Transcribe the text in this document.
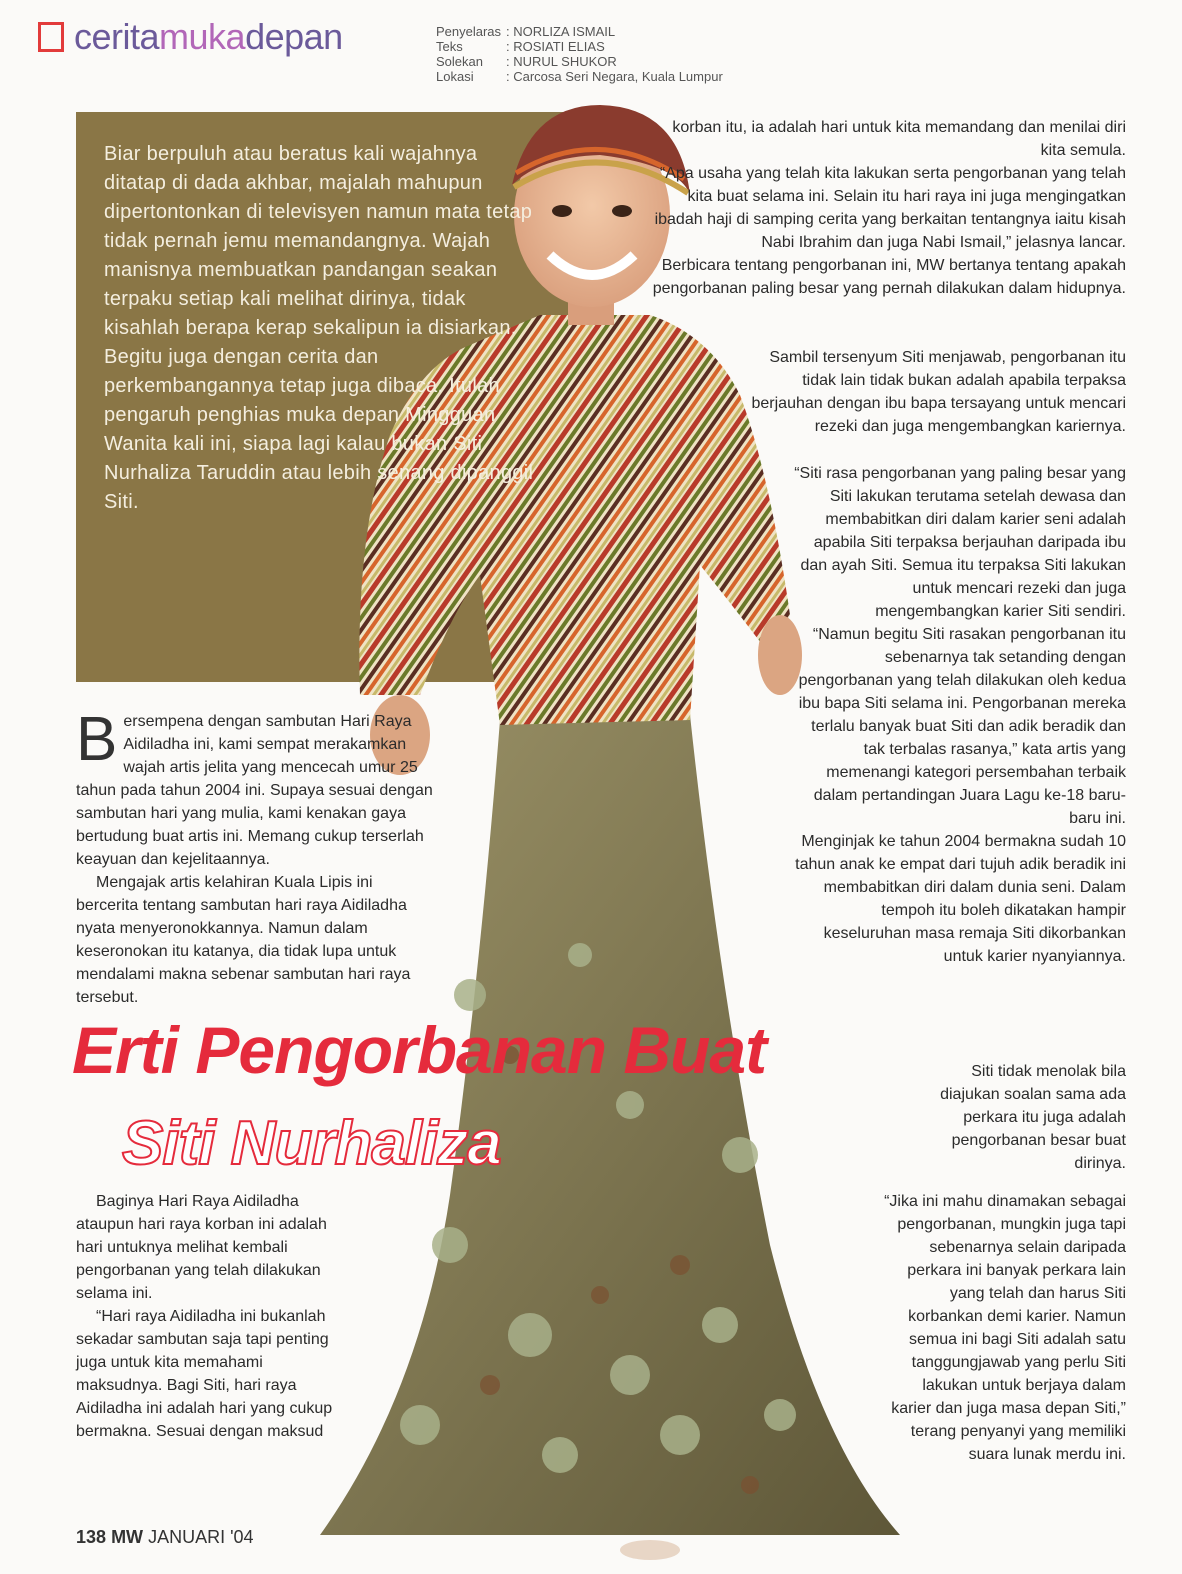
ceritamukadepan	Penyelaras : NORLIZA ISMAIL
Teks	: ROSIATI ELIAS
Solekan	: NURUL SHUKOR
Lokasi	: Carcosa Seri Negara, Kuala Lumpur
Biar berpuluh atau beratus kali wajahnya ditatap di dada akhbar, majalah mahupun dipertontonkan di televisyen namun mata tetap tidak pernah jemu memandangnya. Wajah manisnya membuatkan pandangan seakan terpaku setiap kali melihat dirinya, tidak kisahlah berapa kerap sekalipun ia disiarkan. Begitu juga dengan cerita dan perkembangannya tetap juga dibaca. Itulah pengaruh penghias muka depan Mingguan Wanita kali ini, siapa lagi kalau bukan Siti Nurhaliza Taruddin atau lebih senang dipanggil Siti.

Bersempena dengan sambutan Hari Raya Aidiladha ini, kami sempat merakamkan wajah artis jelita yang mencecah umur 25 tahun pada tahun 2004 ini. Supaya sesuai dengan sambutan hari yang mulia, kami kenakan gaya bertudung buat artis ini. Memang cukup terserlah keayuan dan kejelitaannya.

Mengajak artis kelahiran Kuala Lipis ini bercerita tentang sambutan hari raya Aidiladha nyata menyeronokkannya. Namun dalam keseronokan itu katanya, dia tidak lupa untuk mendalami makna sebenar sambutan hari raya tersebut.

Erti Pengorbanan Buat
Siti Nurhaliza

Baginya Hari Raya Aidiladha ataupun hari raya korban ini adalah hari untuknya melihat kembali pengorbanan yang telah dilakukan selama ini.

“Hari raya Aidiladha ini bukanlah sekadar sambutan saja tapi penting juga untuk kita memahami maksudnya. Bagi Siti, hari raya Aidiladha ini adalah hari yang cukup bermakna. Sesuai dengan maksud

korban itu, ia adalah hari untuk kita memandang dan menilai diri kita semula.

“Apa usaha yang telah kita lakukan serta pengorbanan yang telah kita buat selama ini. Selain itu hari raya ini juga mengingatkan ibadah haji di samping cerita yang berkaitan tentangnya iaitu kisah Nabi Ibrahim dan juga Nabi Ismail,” jelasnya lancar.

Berbicara tentang pengorbanan ini, MW bertanya tentang apakah pengorbanan paling besar yang pernah dilakukan dalam hidupnya.

Sambil tersenyum Siti menjawab, pengorbanan itu tidak lain tidak bukan adalah apabila terpaksa berjauhan dengan ibu bapa tersayang untuk mencari rezeki dan juga mengembangkan kariernya.

“Siti rasa pengorbanan yang paling besar yang Siti lakukan terutama setelah dewasa dan membabitkan diri dalam karier seni adalah apabila Siti terpaksa berjauhan daripada ibu dan ayah Siti. Semua itu terpaksa Siti lakukan untuk mencari rezeki dan juga mengembangkan karier Siti sendiri.

“Namun begitu Siti rasakan pengorbanan itu sebenarnya tak setanding dengan pengorbanan yang telah dilakukan oleh kedua ibu bapa Siti selama ini. Pengorbanan mereka terlalu banyak buat Siti dan adik beradik dan tak terbalas rasanya,” kata artis yang memenangi kategori persembahan terbaik dalam pertandingan Juara Lagu ke-18 baru-baru ini.

Menginjak ke tahun 2004 bermakna sudah 10 tahun anak ke empat dari tujuh adik beradik ini membabitkan diri dalam dunia seni. Dalam tempoh itu boleh dikatakan hampir keseluruhan masa remaja Siti dikorbankan untuk karier nyanyiannya.

Siti tidak menolak bila diajukan soalan sama ada perkara itu juga adalah pengorbanan besar buat dirinya.

“Jika ini mahu dinamakan sebagai pengorbanan, mungkin juga tapi sebenarnya selain daripada perkara ini banyak perkara lain yang telah dan harus Siti korbankan demi karier. Namun semua ini bagi Siti adalah satu tanggungjawab yang perlu Siti lakukan untuk berjaya dalam karier dan juga masa depan Siti,” terang penyanyi yang memiliki suara lunak merdu ini.

138 MW JANUARI '04
